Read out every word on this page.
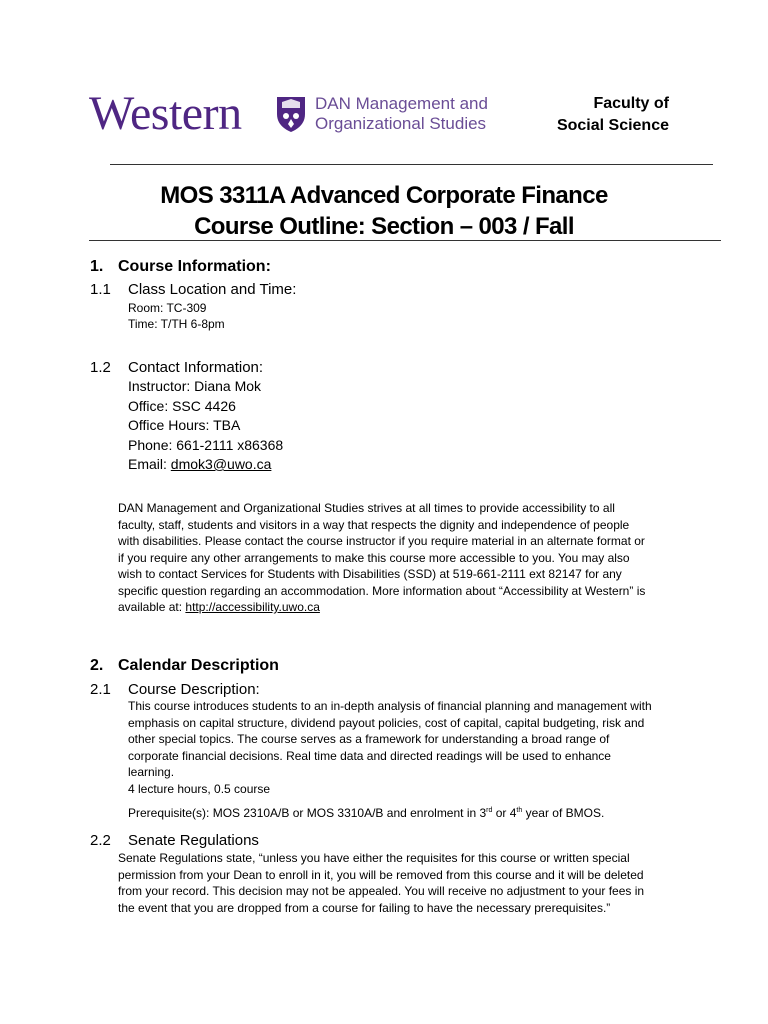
Western	DAN Management and
Organizational Studies
Faculty of
Social Science
MOS 3311A Advanced Corporate Finance
Course Outline: Section – 003 / Fall
1. Course Information:
1.1 Class Location and Time:
Room: TC-309
Time: T/TH 6-8pm
1.2 Contact Information:
Instructor: Diana Mok
Office: SSC 4426
Office Hours: TBA
Phone: 661-2111 x86368
Email: dmok3@uwo.ca
DAN Management and Organizational Studies strives at all times to provide accessibility to all
faculty, staff, students and visitors in a way that respects the dignity and independence of people
with disabilities. Please contact the course instructor if you require material in an alternate format or
if you require any other arrangements to make this course more accessible to you. You may also
wish to contact Services for Students with Disabilities (SSD) at 519-661-2111 ext 82147 for any
specific question regarding an accommodation. More information about “Accessibility at Western” is
available at: http://accessibility.uwo.ca
2. Calendar Description
2.1 Course Description:
This course introduces students to an in-depth analysis of financial planning and management with
emphasis on capital structure, dividend payout policies, cost of capital, capital budgeting, risk and
other special topics. The course serves as a framework for understanding a broad range of
corporate financial decisions. Real time data and directed readings will be used to enhance
learning.
4 lecture hours, 0.5 course
Prerequisite(s): MOS 2310A/B or MOS 3310A/B and enrolment in 3rd or 4th year of BMOS.
2.2 Senate Regulations
Senate Regulations state, “unless you have either the requisites for this course or written special
permission from your Dean to enroll in it, you will be removed from this course and it will be deleted
from your record. This decision may not be appealed. You will receive no adjustment to your fees in
the event that you are dropped from a course for failing to have the necessary prerequisites.”
